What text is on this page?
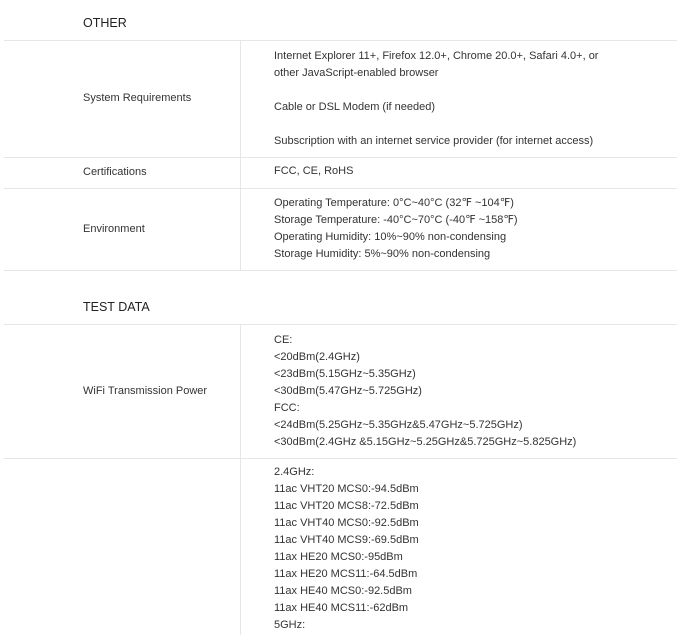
OTHER
System Requirements
Internet Explorer 11+, Firefox 12.0+, Chrome 20.0+, Safari 4.0+, or
other JavaScript-enabled browser
Cable or DSL Modem (if needed)
Subscription with an internet service provider (for internet access)
Certifications	FCC, CE, RoHS
Environment
Operating Temperature: 0°C~40°C (32℉ ~104℉)
Storage Temperature: -40°C~70°C (-40℉ ~158℉)
Operating Humidity: 10%~90% non-condensing
Storage Humidity: 5%~90% non-condensing
TEST DATA
WiFi Transmission Power
CE:
<20dBm(2.4GHz)
<23dBm(5.15GHz~5.35GHz)
<30dBm(5.47GHz~5.725GHz)
FCC:
<24dBm(5.25GHz~5.35GHz&5.47GHz~5.725GHz)
<30dBm(2.4GHz &5.15GHz~5.25GHz&5.725GHz~5.825GHz)
2.4GHz:
11ac VHT20 MCS0:-94.5dBm
11ac VHT20 MCS8:-72.5dBm
11ac VHT40 MCS0:-92.5dBm
11ac VHT40 MCS9:-69.5dBm
11ax HE20 MCS0:-95dBm
11ax HE20 MCS11:-64.5dBm
11ax HE40 MCS0:-92.5dBm
11ax HE40 MCS11:-62dBm
5GHz:
